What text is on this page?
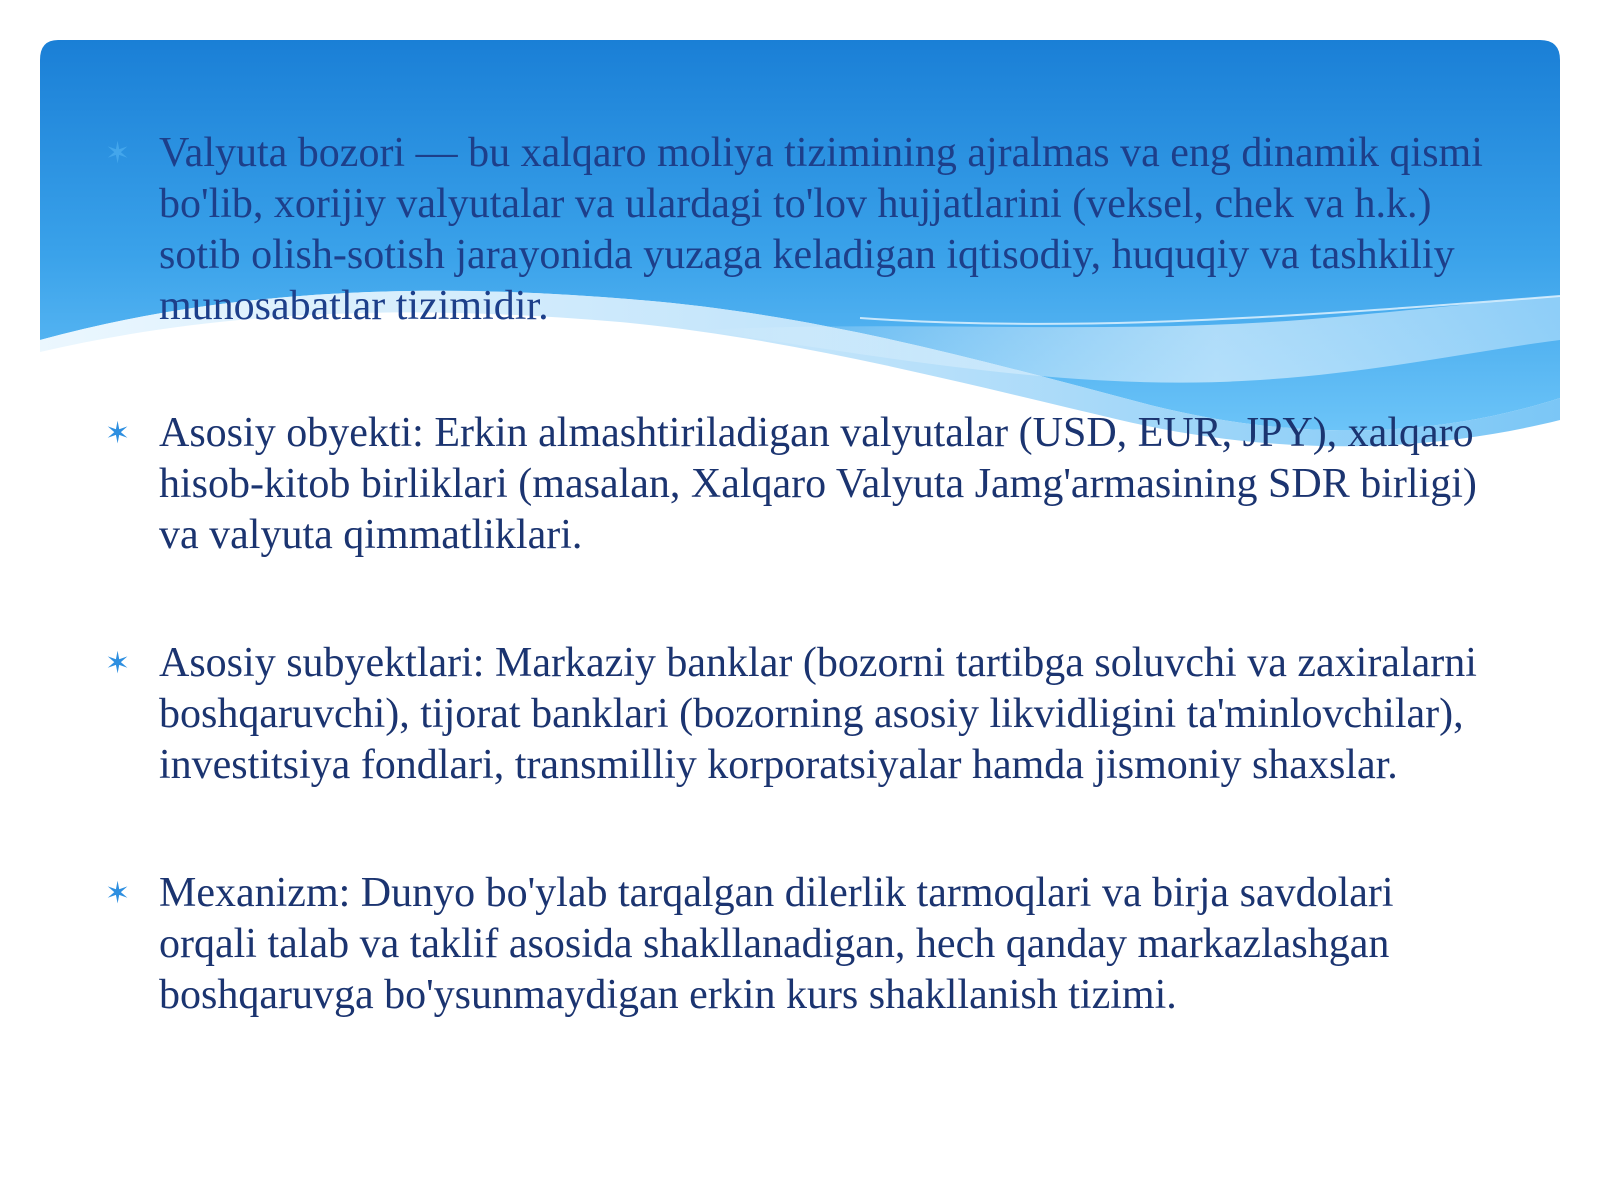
✶ Valyuta bozori — bu xalqaro moliya tizimining ajralmas va eng dinamik qismi bo'lib, xorijiy valyutalar va ulardagi to'lov hujjatlarini (veksel, chek va h.k.) sotib olish-sotish jarayonida yuzaga keladigan iqtisodiy, huquqiy va tashkiliy munosabatlar tizimidir.
✶ Asosiy obyekti: Erkin almashtiriladigan valyutalar (USD, EUR, JPY), xalqaro hisob-kitob birliklari (masalan, Xalqaro Valyuta Jamg'armasining SDR birligi) va valyuta qimmatliklari.
✶ Asosiy subyektlari: Markaziy banklar (bozorni tartibga soluvchi va zaxiralarni boshqaruvchi), tijorat banklari (bozorning asosiy likvidligini ta'minlovchilar), investitsiya fondlari, transmilliy korporatsiyalar hamda jismoniy shaxslar.
✶ Mexanizm: Dunyo bo'ylab tarqalgan dilerlik tarmoqlari va birja savdolari orqali talab va taklif asosida shakllanadigan, hech qanday markazlashgan boshqaruvga bo'ysunmaydigan erkin kurs shakllanish tizimi.
